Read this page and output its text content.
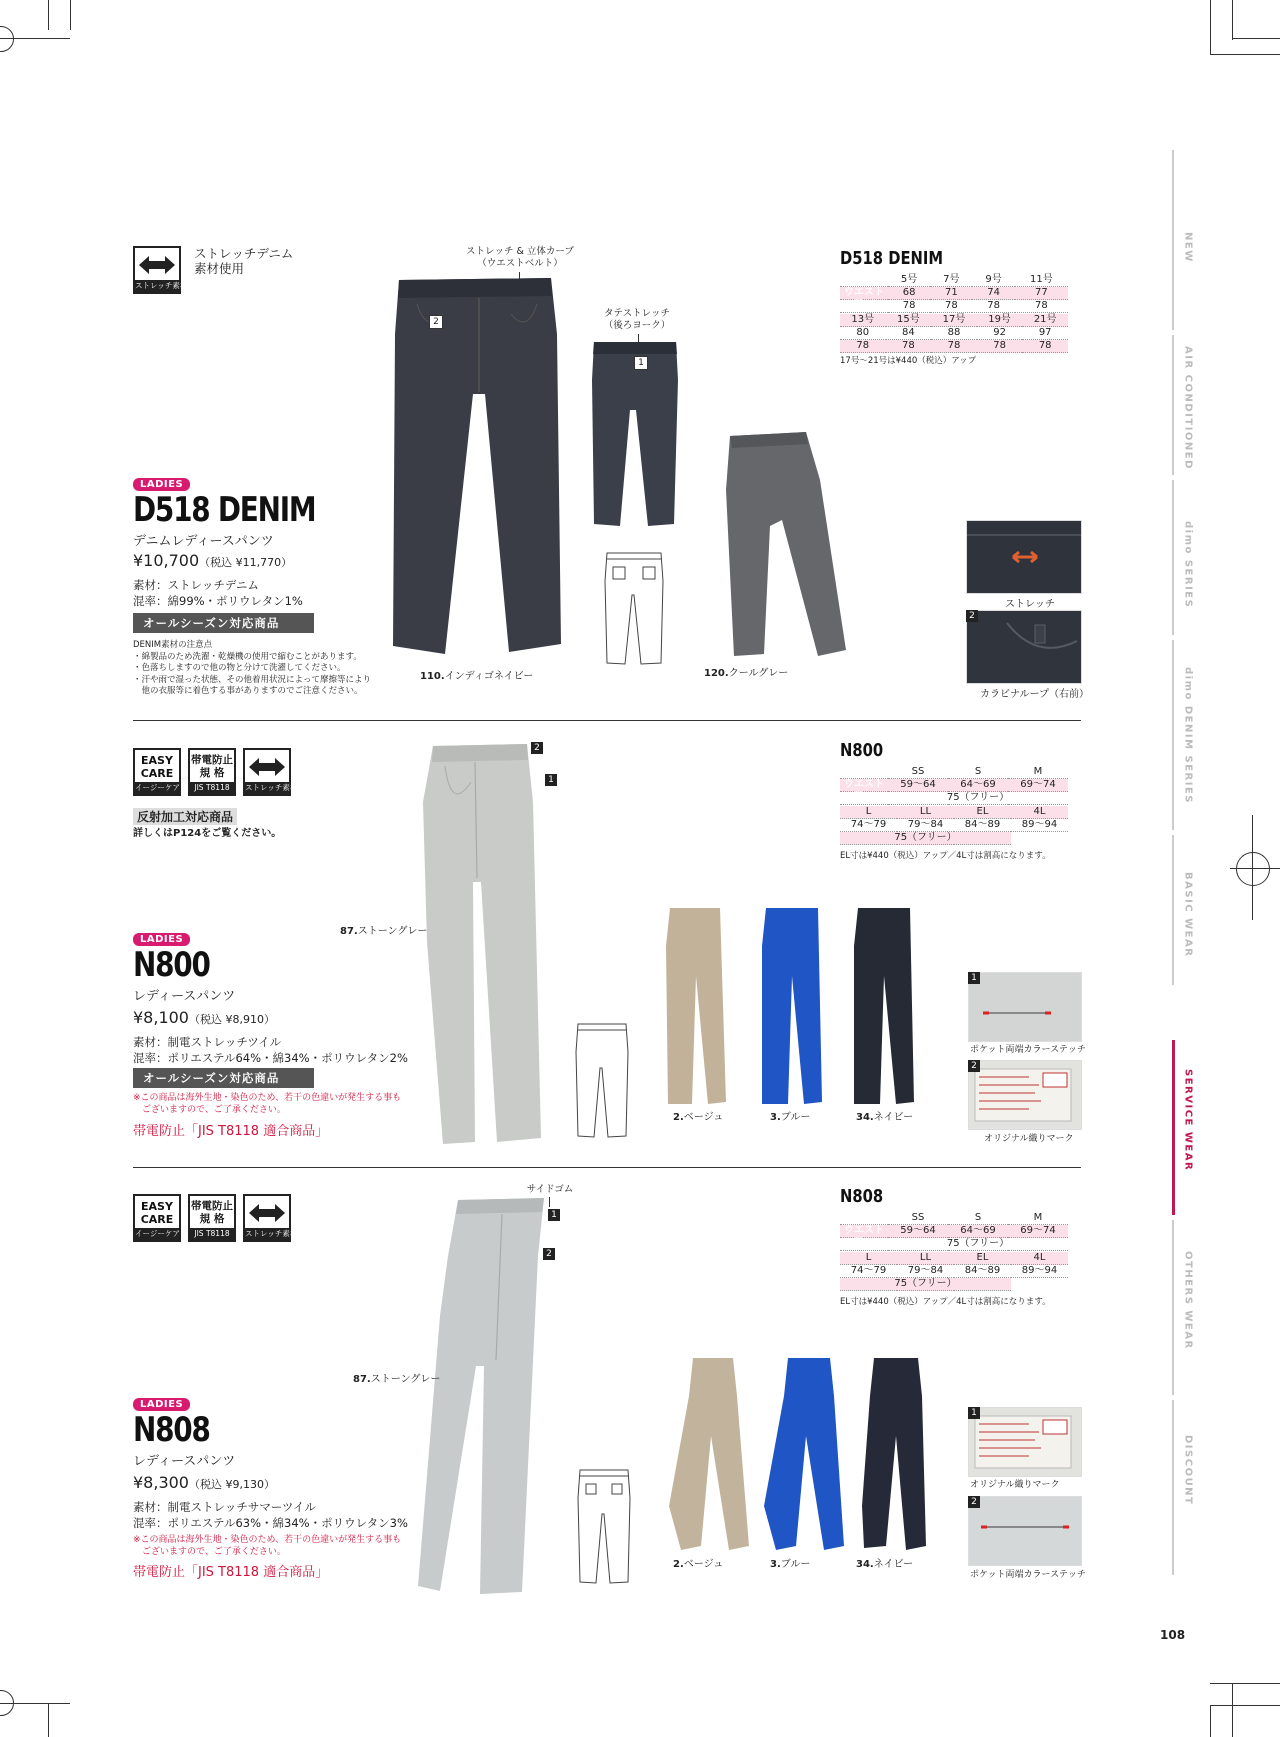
NEW
AIR CONDITIONED
dimo SERIES
dimo DENIM SERIES
BASIC WEAR
SERVICE WEAR
OTHERS WEAR
DISCOUNT
ストレッチ素材
ストレッチデニム
素材使用
LADIES
D518 DENIM
デニムレディースパンツ
¥10,700（税込 ¥11,770）
素材：ストレッチデニム
混率：綿99%・ポリウレタン1%
オールシーズン対応商品
DENIM素材の注意点
・綿製品のため洗濯・乾燥機の使用で縮むことがあります。
・色落ちしますので他の物と分けて洗濯してください。
・汗や雨で湿った状態、その他着用状況によって摩擦等により
　他の衣服等に着色する事がありますのでご注意ください。
ストレッチ & 立体カーブ
（ウエストベルト）
2
110.インディゴネイビー
タテストレッチ
（後ろヨーク）
1
120.クールグレー
D518 DENIM
サイズ	5号	7号	9号	11号
ウエスト	68	71	74	77
股下	78	78	78	78
13号	15号	17号	19号	21号
80	84	88	92	97
78	78	78	78	78
17号〜21号は¥440（税込）アップ
ストレッチ
2
カラビナループ（右前）
EASY
CARE
イージーケア
帯電防止
規 格
JIS T8118	ストレッチ素材
反射加工対応商品
詳しくはP124をご覧ください。
LADIES
N800
レディースパンツ
¥8,100（税込 ¥8,910）
素材：制電ストレッチツイル
混率：ポリエステル64%・綿34%・ポリウレタン2%
オールシーズン対応商品
※この商品は海外生地・染色のため、若干の色違いが発生する事も
　ございますので、ご了承ください。
帯電防止「JIS T8118 適合商品」
2
1
87.ストーングレー
2.ベージュ	3.ブルー	34.ネイビー
N800
サイズ	SS	S	M
ウエスト	59〜64	64〜69	69〜74
股下	75（フリー）		
L	LL	EL	4L
74〜79	79〜84	84〜89	89〜94
75（フリー）			
EL寸は¥440（税込）アップ／4L寸は割高になります。
1
ポケット両端カラーステッチ
2
オリジナル織りマーク
EASY
CARE
イージーケア
帯電防止
規 格
JIS T8118	ストレッチ素材
LADIES
N808
レディースパンツ
¥8,300（税込 ¥9,130）
素材：制電ストレッチサマーツイル
混率：ポリエステル63%・綿34%・ポリウレタン3%
※この商品は海外生地・染色のため、若干の色違いが発生する事も
　ございますので、ご了承ください。
帯電防止「JIS T8118 適合商品」
サイドゴム
1
2
87.ストーングレー
2.ベージュ	3.ブルー	34.ネイビー
N808
サイズ	SS	S	M
ウエスト	59〜64	64〜69	69〜74
股下	75（フリー）		
L	LL	EL	4L
74〜79	79〜84	84〜89	89〜94
75（フリー）			
EL寸は¥440（税込）アップ／4L寸は割高になります。
1
オリジナル織りマーク
2
ポケット両端カラーステッチ
108
